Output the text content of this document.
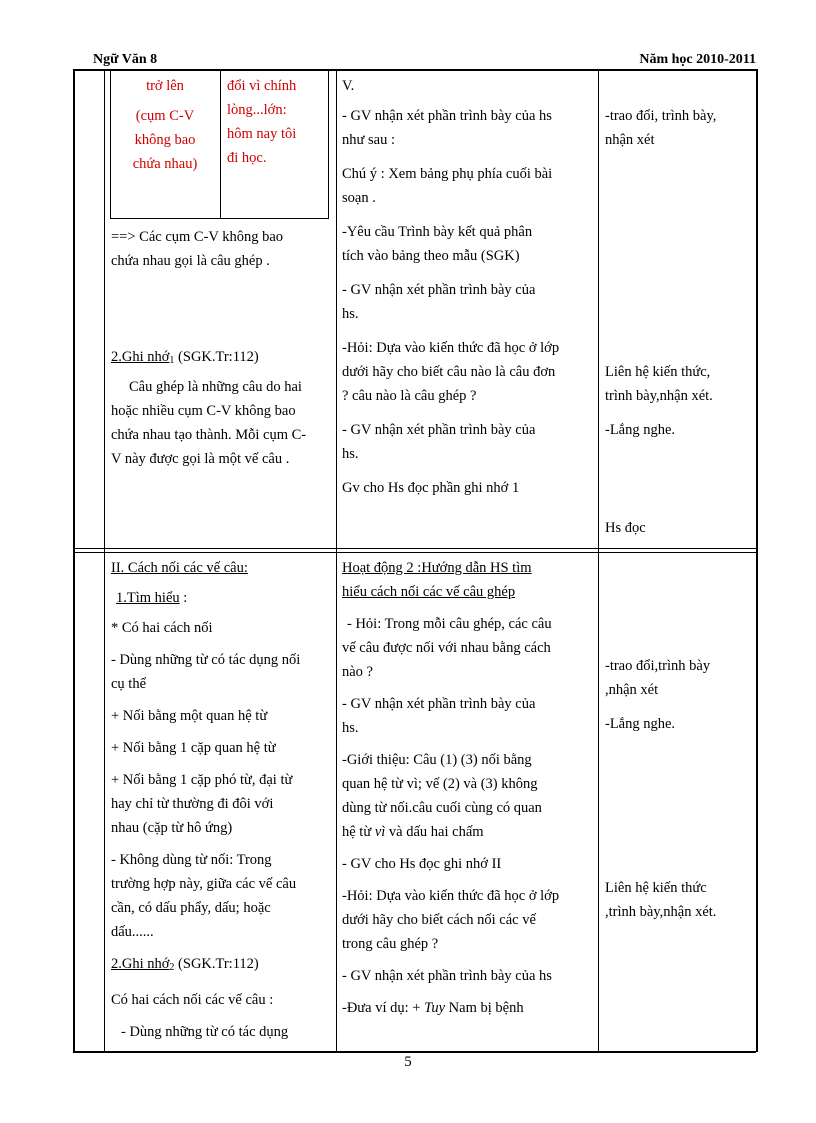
Ngữ Văn 8	Năm học 2010-2011

trở lên

(cụm C-V

không bao

chứa nhau)

đổi vì chính

lòng...lớn:

hôm nay tôi

đi học.

==> Các cụm C-V không bao

chứa nhau gọi là câu ghép .

2.Ghi nhớ$_1$ (SGK.Tr:112)

Câu ghép là những câu do hai

hoặc nhiều cụm C-V không bao

chứa nhau tạo thành. Mỗi cụm C-

V này được gọi là một vế câu .

V.

- GV nhận xét phần trình bày của hs

như sau :

Chú ý : Xem bảng phụ phía cuối bài

soạn .

-Yêu cầu Trình bày kết quả phân

tích vào bảng theo mẫu (SGK)

- GV nhận xét phần trình bày của

hs.

-Hỏi: Dựa vào kiến thức đã học ở lớp

dưới hãy cho biết câu nào là câu đơn

? câu nào là câu ghép ?

- GV nhận xét phần trình bày của

hs.

Gv cho Hs đọc phần ghi nhớ 1

-trao đổi, trình bày,

nhận xét

Liên hệ kiến thức,

trình bày,nhận xét.

-Lắng nghe.

Hs đọc

II. Cách nối các vế câu:

1.Tìm hiểu :

* Có hai cách nối

- Dùng những từ có tác dụng nối

cụ thể

+ Nối bằng một quan hệ từ

+ Nối bằng 1 cặp quan hệ từ

+ Nối bằng 1 cặp phó từ, đại từ

hay chỉ từ thường đi đôi với

nhau (cặp từ hô ứng)

- Không dùng từ nối: Trong

trường hợp này, giữa các vế câu

cần, có dấu phẩy, dấu; hoặc

dấu......

2.Ghi nhớ$_2$ (SGK.Tr:112)

Có hai cách nối các vế câu :

- Dùng những từ có tác dụng

Hoạt động 2 :Hướng dẫn HS tìm

hiểu cách nối các vế câu ghép

- Hỏi: Trong mỗi câu ghép, các câu

vế câu được nối với nhau bằng cách

nào ?

- GV nhận xét phần trình bày của

hs.

-Giới thiệu: Câu (1) (3) nối bằng

quan hệ từ vì; vế (2) và (3) không

dùng từ nối.câu cuối cùng có quan

hệ từ vì và dấu hai chấm

- GV cho Hs đọc ghi nhớ II

-Hỏi: Dựa vào kiến thức đã học ở lớp

dưới hãy cho biết cách nối các vế

trong câu ghép ?

- GV nhận xét phần trình bày của hs

-Đưa ví dụ: + Tuy Nam bị bệnh

-trao đổi,trình bày

,nhận xét

-Lắng nghe.

Liên hệ kiến thức

,trình bày,nhận xét.

5
